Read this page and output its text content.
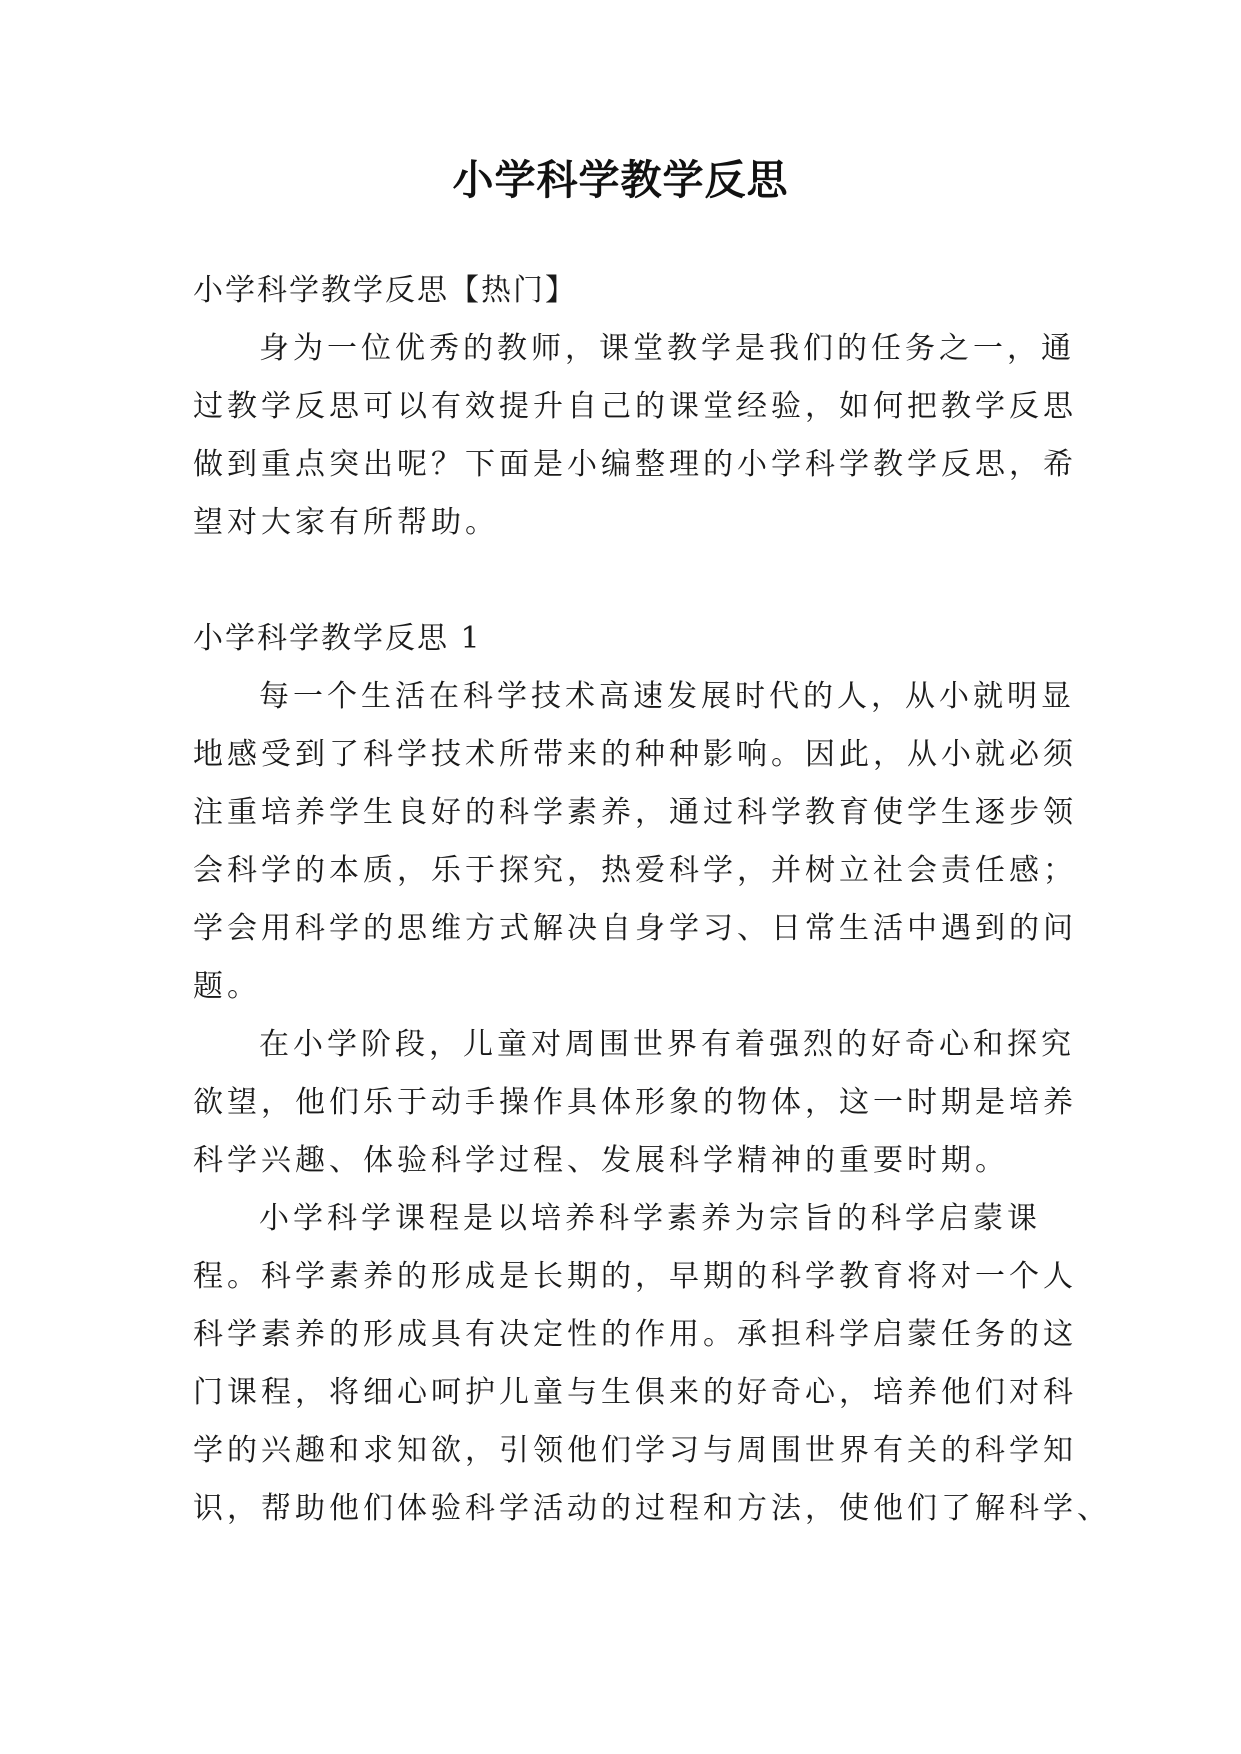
小学科学教学反思
小学科学教学反思【热门】
身为一位优秀的教师，课堂教学是我们的任务之一，通
过教学反思可以有效提升自己的课堂经验，如何把教学反思
做到重点突出呢？下面是小编整理的小学科学教学反思，希
望对大家有所帮助。
小学科学教学反思 1
每一个生活在科学技术高速发展时代的人，从小就明显
地感受到了科学技术所带来的种种影响。因此，从小就必须
注重培养学生良好的科学素养，通过科学教育使学生逐步领
会科学的本质，乐于探究，热爱科学，并树立社会责任感；
学会用科学的思维方式解决自身学习、日常生活中遇到的问
题。
在小学阶段，儿童对周围世界有着强烈的好奇心和探究
欲望，他们乐于动手操作具体形象的物体，这一时期是培养
科学兴趣、体验科学过程、发展科学精神的重要时期。
小学科学课程是以培养科学素养为宗旨的科学启蒙课
程。科学素养的形成是长期的，早期的科学教育将对一个人
科学素养的形成具有决定性的作用。承担科学启蒙任务的这
门课程，将细心呵护儿童与生俱来的好奇心，培养他们对科
学的兴趣和求知欲，引领他们学习与周围世界有关的科学知
识，帮助他们体验科学活动的过程和方法，使他们了解科学、
